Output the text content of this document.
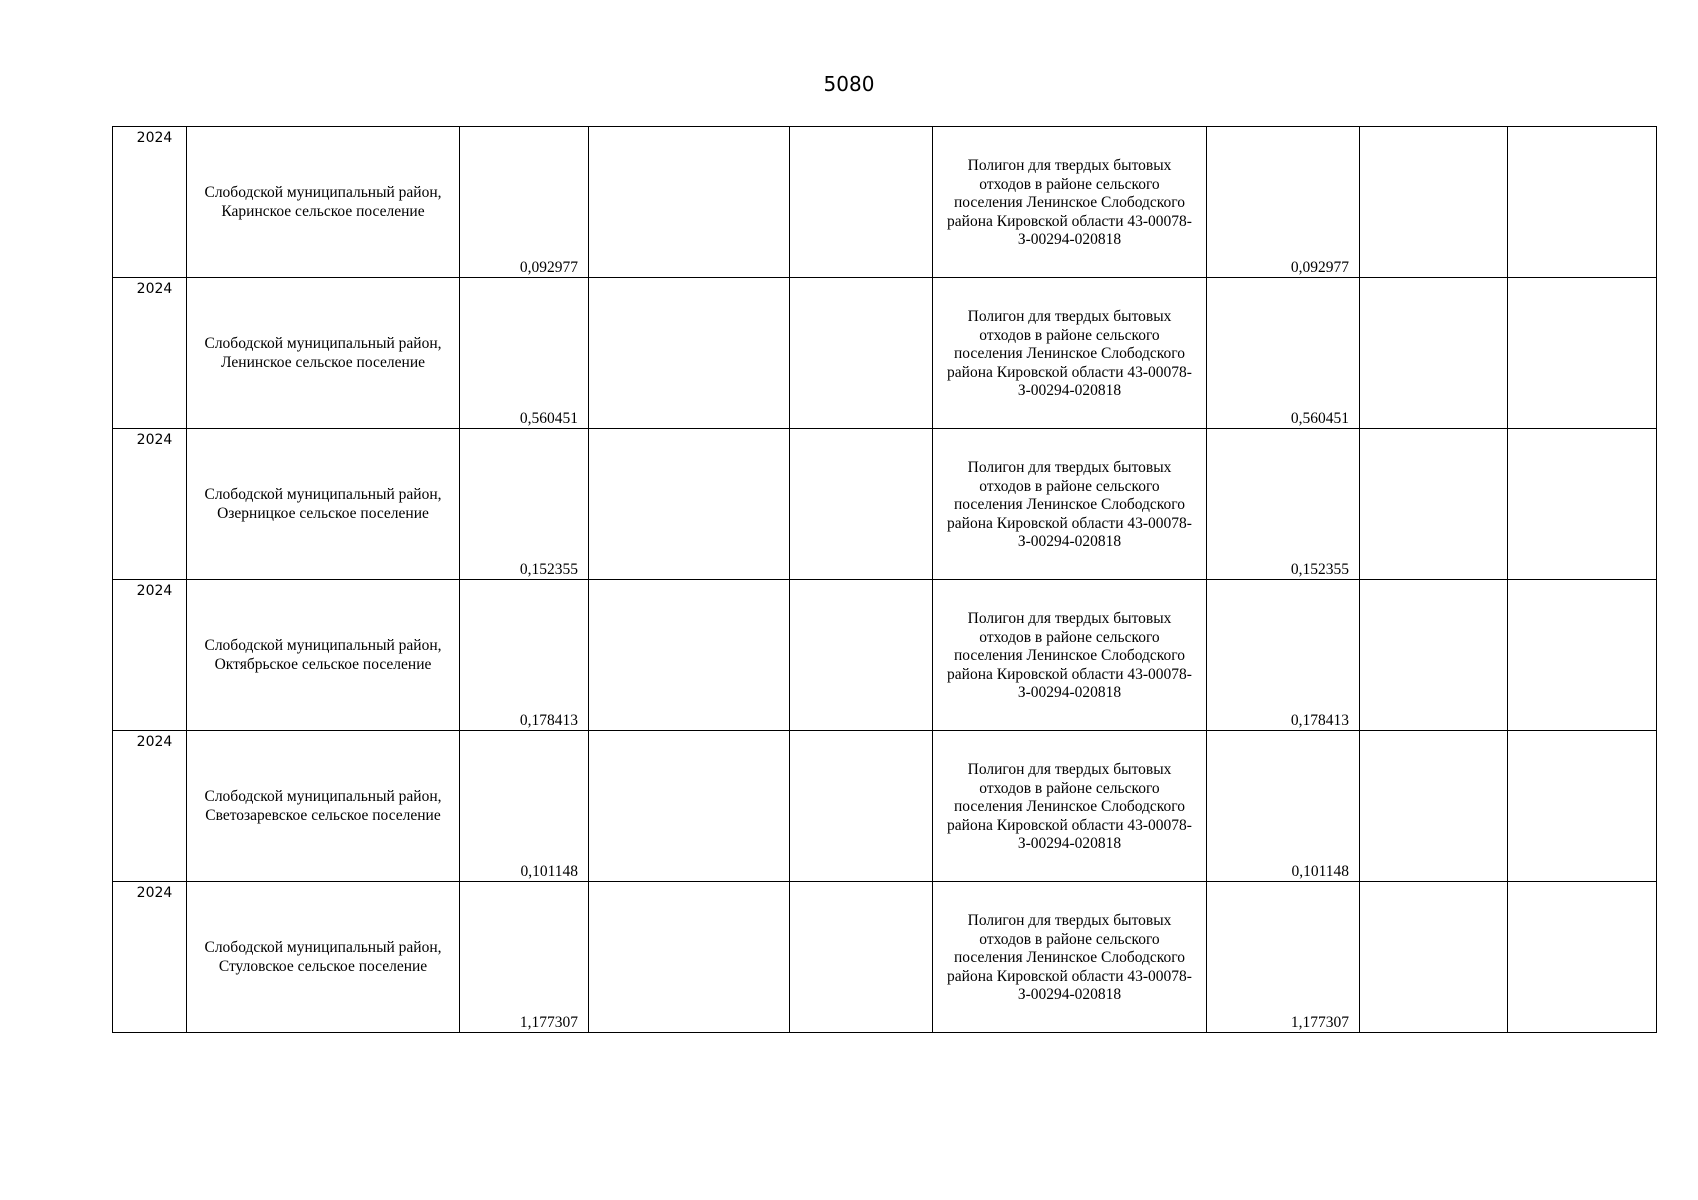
5080
2024	Слободской муниципальный район, Каринское сельское поселение	0,092977			Полигон для твердых бытовых отходов в районе сельского поселения Ленинское Слободского района Кировской области 43-00078-З-00294-020818	0,092977		

2024	Слободской муниципальный район, Ленинское сельское поселение	0,560451			Полигон для твердых бытовых отходов в районе сельского поселения Ленинское Слободского района Кировской области 43-00078-З-00294-020818	0,560451		

2024	Слободской муниципальный район, Озерницкое сельское поселение	0,152355			Полигон для твердых бытовых отходов в районе сельского поселения Ленинское Слободского района Кировской области 43-00078-З-00294-020818	0,152355		

2024	Слободской муниципальный район, Октябрьское сельское поселение	0,178413			Полигон для твердых бытовых отходов в районе сельского поселения Ленинское Слободского района Кировской области 43-00078-З-00294-020818	0,178413		

2024	Слободской муниципальный район, Светозаревское сельское поселение	0,101148			Полигон для твердых бытовых отходов в районе сельского поселения Ленинское Слободского района Кировской области 43-00078-З-00294-020818	0,101148		

2024	Слободской муниципальный район, Стуловское сельское поселение	1,177307			Полигон для твердых бытовых отходов в районе сельского поселения Ленинское Слободского района Кировской области 43-00078-З-00294-020818	1,177307		
